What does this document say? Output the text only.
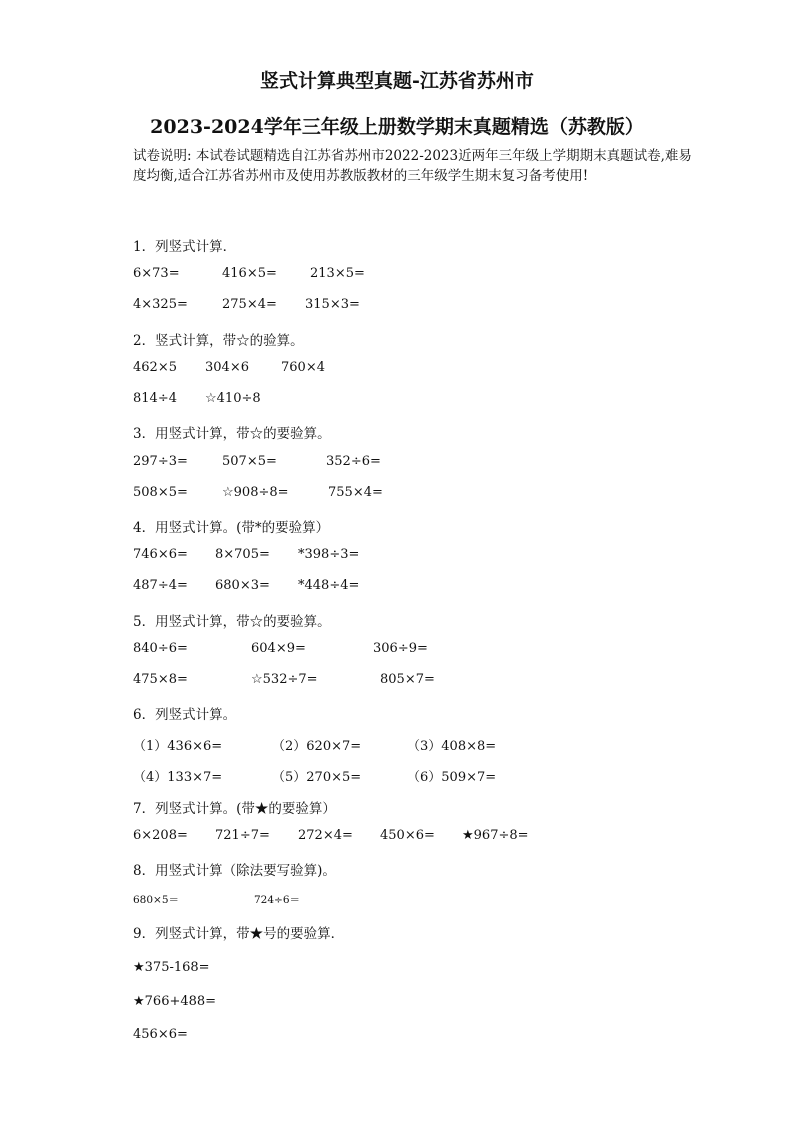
竖式计算典型真题-江苏省苏州市
2023-2024学年三年级上册数学期末真题精选（苏教版）
试卷说明: 本试卷试题精选自江苏省苏州市2022-2023近两年三年级上学期期末真题试卷,难易度均衡,适合江苏省苏州市及使用苏教版教材的三年级学生期末复习备考使用!
1．列竖式计算．
6×73=	416×5=	213×5=
4×325=	275×4= 315×3=
2．竖式计算，带☆的验算。
462×5 304×6 760×4
814÷4 ☆410÷8
3．用竖式计算，带☆的要验算。
297÷3=	507×5=	352÷6=
508×5=	☆908÷8=	755×4=
4．用竖式计算。(带*的要验算）
746×6= 8×705= *398÷3=
487÷4= 680×3= *448÷4=
5．用竖式计算，带☆的要验算。
840÷6=	604×9=	306÷9=
475×8=	☆532÷7=	805×7=
6．列竖式计算。
（1）436×6=	（2）620×7=	（3）408×8=
（4）133×7=	（5）270×5=	（6）509×7=
7．列竖式计算。(带★的要验算）
6×208= 721÷7= 272×4= 450×6= ★967÷8=
8．用竖式计算（除法要写验算)。
680×5＝	724÷6＝
9．列竖式计算，带★号的要验算．
★375-168=
★766+488=
456×6=
